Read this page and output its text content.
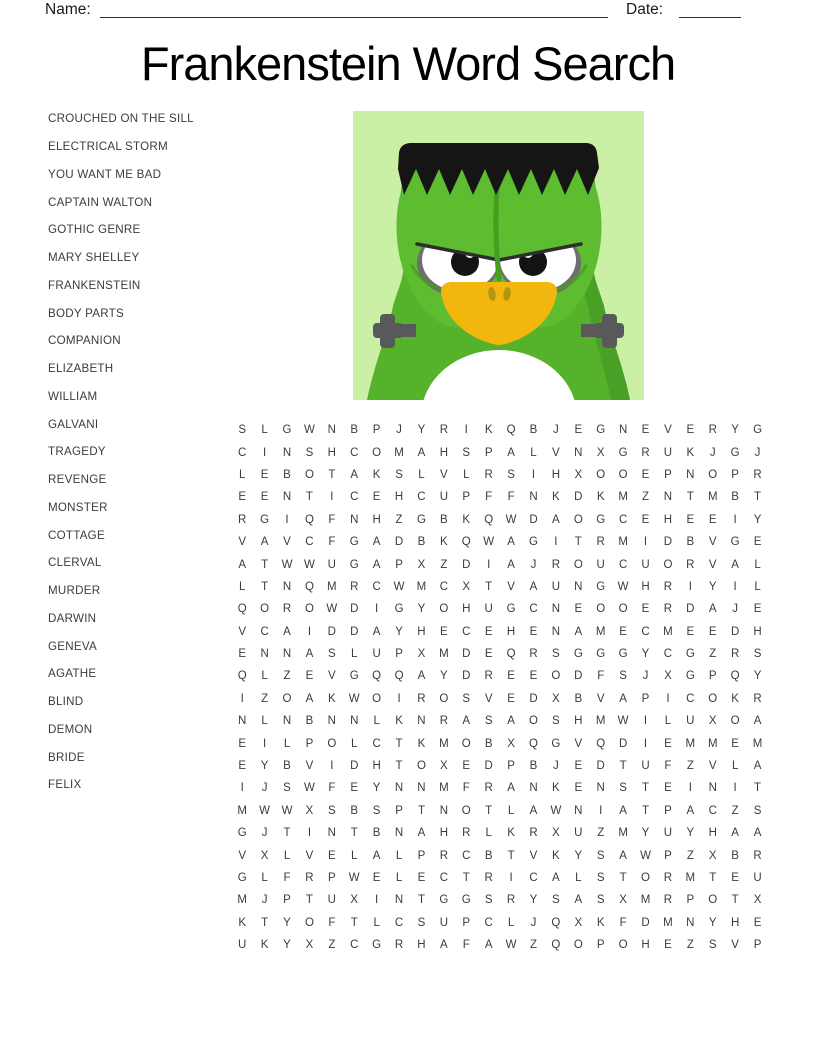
Name:	Date:
Frankenstein Word Search
CROUCHED ON THE SILL
ELECTRICAL STORM
YOU WANT ME BAD
CAPTAIN WALTON
GOTHIC GENRE
MARY SHELLEY
FRANKENSTEIN
BODY PARTS
COMPANION
ELIZABETH
WILLIAM
GALVANI
TRAGEDY
REVENGE
MONSTER
COTTAGE
CLERVAL
MURDER
DARWIN
GENEVA
AGATHE
BLIND
DEMON
BRIDE
FELIX
S	L	G	W	N	B	P	J	Y	R	I	K	Q	B	J	E	G	N	E	V	E	R	Y	G
C	I	N	S	H	C	O	M	A	H	S	P	A	L	V	N	X	G	R	U	K	J	G	J
L	E	B	O	T	A	K	S	L	V	L	R	S	I	H	X	O	O	E	P	N	O	P	R
E	E	N	T	I	C	E	H	C	U	P	F	F	N	K	D	K	M	Z	N	T	M	B	T
R	G	I	Q	F	N	H	Z	G	B	K	Q	W	D	A	O	G	C	E	H	E	E	I	Y
V	A	V	C	F	G	A	D	B	K	Q	W	A	G	I	T	R	M	I	D	B	V	G	E
A	T	W	W	U	G	A	P	X	Z	D	I	A	J	R	O	U	C	U	O	R	V	A	L
L	T	N	Q	M	R	C	W	M	C	X	T	V	A	U	N	G	W	H	R	I	Y	I	L
Q	O	R	O	W	D	I	G	Y	O	H	U	G	C	N	E	O	O	E	R	D	A	J	E
V	C	A	I	D	D	A	Y	H	E	C	E	H	E	N	A	M	E	C	M	E	E	D	H
E	N	N	A	S	L	U	P	X	M	D	E	Q	R	S	G	G	G	Y	C	G	Z	R	S
Q	L	Z	E	V	G	Q	Q	A	Y	D	R	E	E	O	D	F	S	J	X	G	P	Q	Y
I	Z	O	A	K	W	O	I	R	O	S	V	E	D	X	B	V	A	P	I	C	O	K	R
N	L	N	B	N	N	L	K	N	R	A	S	A	O	S	H	M	W	I	L	U	X	O	A
E	I	L	P	O	L	C	T	K	M	O	B	X	Q	G	V	Q	D	I	E	M	M	E	M
E	Y	B	V	I	D	H	T	O	X	E	D	P	B	J	E	D	T	U	F	Z	V	L	A
I	J	S	W	F	E	Y	N	N	M	F	R	A	N	K	E	N	S	T	E	I	N	I	T
M	W	W	X	S	B	S	P	T	N	O	T	L	A	W	N	I	A	T	P	A	C	Z	S
G	J	T	I	N	T	B	N	A	H	R	L	K	R	X	U	Z	M	Y	U	Y	H	A	A
V	X	L	V	E	L	A	L	P	R	C	B	T	V	K	Y	S	A	W	P	Z	X	B	R
G	L	F	R	P	W	E	L	E	C	T	R	I	C	A	L	S	T	O	R	M	T	E	U
M	J	P	T	U	X	I	N	T	G	G	S	R	Y	S	A	S	X	M	R	P	O	T	X
K	T	Y	O	F	T	L	C	S	U	P	C	L	J	Q	X	K	F	D	M	N	Y	H	E
U	K	Y	X	Z	C	G	R	H	A	F	A	W	Z	Q	O	P	O	H	E	Z	S	V	P
